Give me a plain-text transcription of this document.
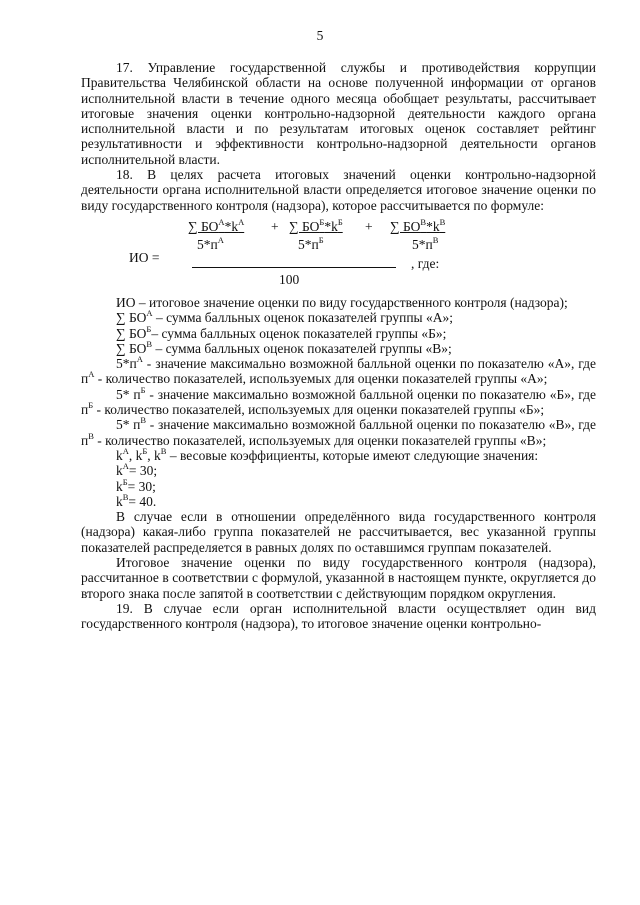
5

17. Управление государственной службы и противодействия коррупции Правительства Челябинской области на основе полученной информации от органов исполнительной власти в течение одного месяца обобщает результаты, рассчитывает итоговые значения оценки контрольно-надзорной деятельности каждого органа исполнительной власти и по результатам итоговых оценок составляет рейтинг результативности и эффективности контрольно-надзорной деятельности органов исполнительной власти.

18. В целях расчета итоговых значений оценки контрольно-надзорной деятельности органа исполнительной власти определяется итоговое значение оценки по виду государственного контроля (надзора), которое рассчитывается по формуле:

∑ $БО^А*k^А$
$5*п^А$
+ ∑ $БО^Б*k^Б$ +
$5*п^Б$
∑ $БО^В*k^В$
$5*п^В$
ИО =	, где:
100

ИО – итоговое значение оценки по виду государственного контроля (надзора);

∑ $БО^А$ – сумма балльных оценок показателей группы «А»;

∑ $БО^Б-$ сумма балльных оценок показателей группы «Б»;

∑ $БО^В$ – сумма балльных оценок показателей группы «В»;

$5*п^А$ - значение максимально возможной балльной оценки по показателю «А», где $п^А$ - количество показателей, используемых для оценки показателей группы «А»;

5* $п^Б$ - значение максимально возможной балльной оценки по показателю «Б», где $п^Б$ - количество показателей, используемых для оценки показателей группы «Б»;

5* $п^В$ - значение максимально возможной балльной оценки по показателю «В», где $п^В$ - количество показателей, используемых для оценки показателей группы «В»;

$k^А$, $k^Б$, $k^В$ – весовые коэффициенты, которые имеют следующие значения:

$k^А= 30$;

$k^Б= 30$;

$k^В= 40$.

В случае если в отношении определённого вида государственного контроля (надзора) какая-либо группа показателей не рассчитывается, вес указанной группы показателей распределяется в равных долях по оставшимся группам показателей.

Итоговое значение оценки по виду государственного контроля (надзора), рассчитанное в соответствии с формулой, указанной в настоящем пункте, округляется до второго знака после запятой в соответствии с действующим порядком округления.

19. В случае если орган исполнительной власти осуществляет один вид государственного контроля (надзора), то итоговое значение оценки контрольно-
